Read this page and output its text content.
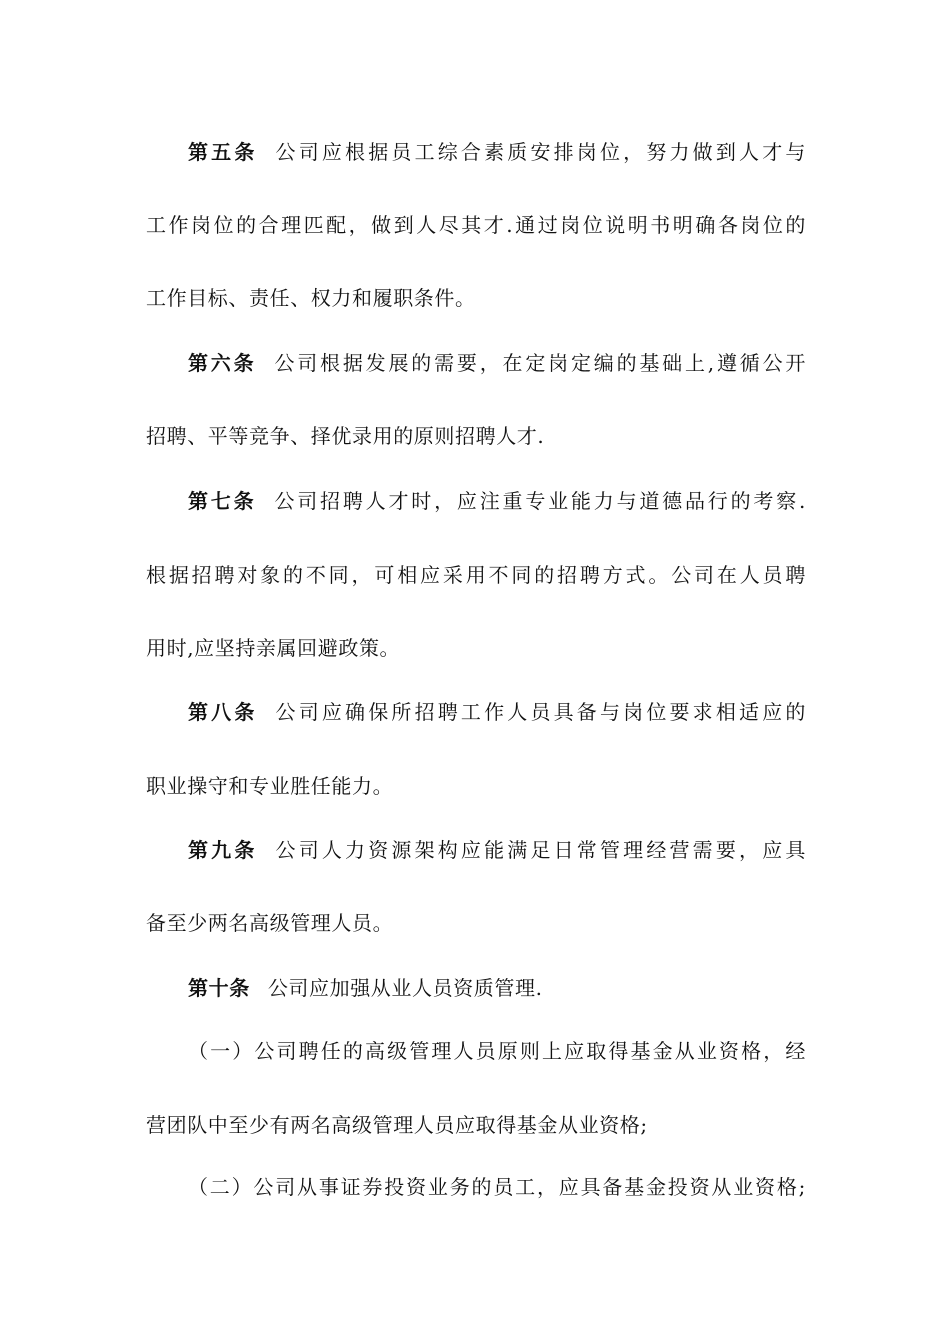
第五条 公司应根据员工综合素质安排岗位，努力做到人才与
工作岗位的合理匹配，做到人尽其才.通过岗位说明书明确各岗位的
工作目标、责任、权力和履职条件。
第六条 公司根据发展的需要，在定岗定编的基础上,遵循公开
招聘、平等竞争、择优录用的原则招聘人才.
第七条 公司招聘人才时，应注重专业能力与道德品行的考察.
根据招聘对象的不同，可相应采用不同的招聘方式。公司在人员聘
用时,应坚持亲属回避政策。
第八条 公司应确保所招聘工作人员具备与岗位要求相适应的
职业操守和专业胜任能力。
第九条 公司人力资源架构应能满足日常管理经营需要，应具
备至少两名高级管理人员。
第十条 公司应加强从业人员资质管理.
（一）公司聘任的高级管理人员原则上应取得基金从业资格，经
营团队中至少有两名高级管理人员应取得基金从业资格;
（二）公司从事证券投资业务的员工，应具备基金投资从业资格;
